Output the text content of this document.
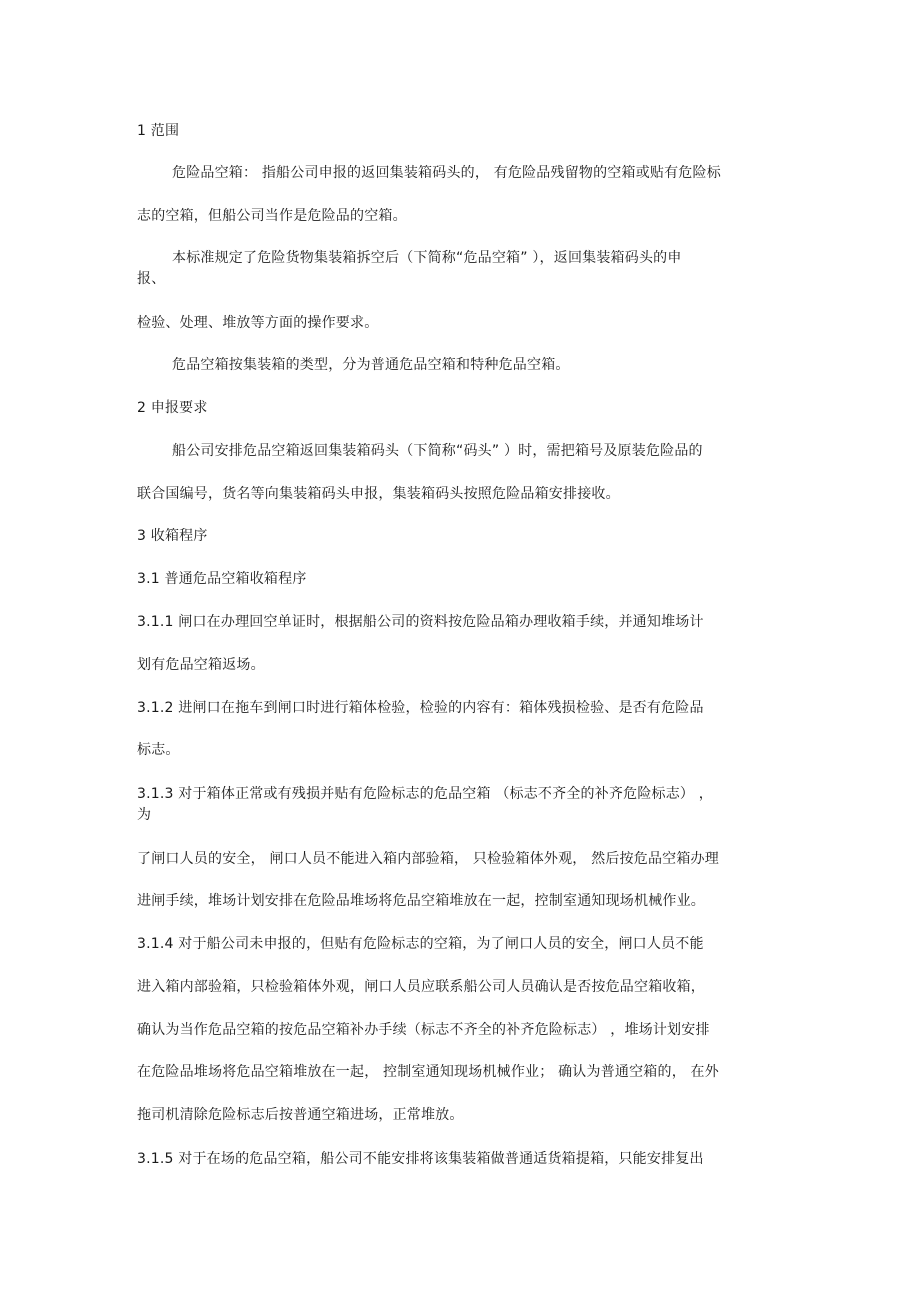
1 范围
危险品空箱： 指船公司申报的返回集装箱码头的， 有危险品残留物的空箱或贴有危险标
志的空箱，但船公司当作是危险品的空箱。
本标准规定了危险货物集装箱拆空后（下简称“危品空箱” ），返回集装箱码头的申
报、
检验、处理、堆放等方面的操作要求。
危品空箱按集装箱的类型，分为普通危品空箱和特种危品空箱。
2 申报要求
船公司安排危品空箱返回集装箱码头（下简称“码头” ）时，需把箱号及原装危险品的
联合国编号，货名等向集装箱码头申报，集装箱码头按照危险品箱安排接收。
3 收箱程序
3.1 普通危品空箱收箱程序
3.1.1 闸口在办理回空单证时，根据船公司的资料按危险品箱办理收箱手续，并通知堆场计
划有危品空箱返场。
3.1.2 进闸口在拖车到闸口时进行箱体检验，检验的内容有：箱体残损检验、是否有危险品
标志。
3.1.3 对于箱体正常或有残损并贴有危险标志的危品空箱 （标志不齐全的补齐危险标志） ，
为
了闸口人员的安全， 闸口人员不能进入箱内部验箱， 只检验箱体外观， 然后按危品空箱办理
进闸手续，堆场计划安排在危险品堆场将危品空箱堆放在一起，控制室通知现场机械作业。
3.1.4 对于船公司未申报的，但贴有危险标志的空箱，为了闸口人员的安全，闸口人员不能
进入箱内部验箱，只检验箱体外观，闸口人员应联系船公司人员确认是否按危品空箱收箱，
确认为当作危品空箱的按危品空箱补办手续（标志不齐全的补齐危险标志） ，堆场计划安排
在危险品堆场将危品空箱堆放在一起， 控制室通知现场机械作业； 确认为普通空箱的， 在外
拖司机清除危险标志后按普通空箱进场，正常堆放。
3.1.5 对于在场的危品空箱，船公司不能安排将该集装箱做普通适货箱提箱，只能安排复出
